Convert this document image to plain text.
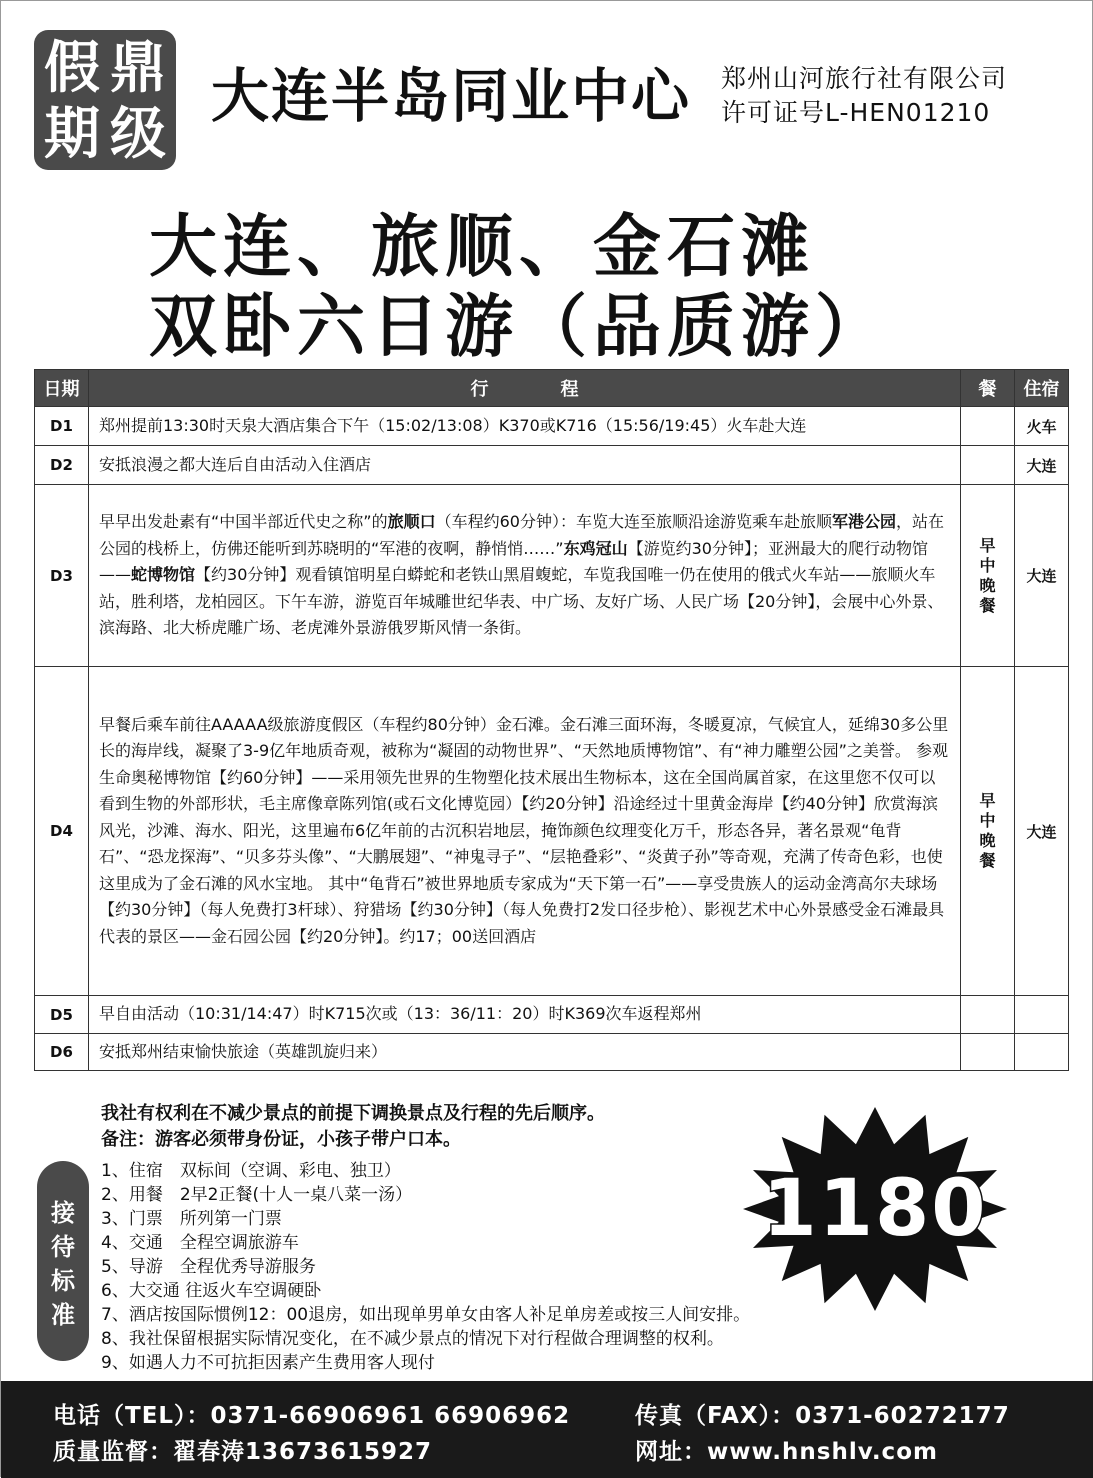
假 鼎
期 级
大连半岛同业中心 郑州山河旅行社有限公司
许可证号L-HEN01210
大连、旅顺、金石滩
双卧六日游（品质游）
日期	行　　　　程	餐	住宿
D1	郑州提前13:30时天泉大酒店集合下午（15:02/13:08）K370或K716（15:56/19:45）火车赴大连		火车
D2	安抵浪漫之都大连后自由活动入住酒店		大连
D3	早早出发赴素有“中国半部近代史之称”的旅顺口（车程约60分钟）：车览大连至旅顺沿途游览乘车赴旅顺军港公园，站在公园的栈桥上，仿佛还能听到苏晓明的“军港的夜啊，静悄悄……”东鸡冠山【游览约30分钟】；亚洲最大的爬行动物馆——蛇博物馆【约30分钟】观看镇馆明星白蟒蛇和老铁山黑眉蝮蛇，车览我国唯一仍在使用的俄式火车站——旅顺火车站，胜利塔，龙柏园区。下午车游，游览百年城雕世纪华表、中广场、友好广场、人民广场【20分钟】，会展中心外景、滨海路、北大桥虎雕广场、老虎滩外景游俄罗斯风情一条街。	早中晚餐	大连
D4	早餐后乘车前往AAAAA级旅游度假区（车程约80分钟）金石滩。金石滩三面环海，冬暖夏凉，气候宜人，延绵30多公里长的海岸线，凝聚了3-9亿年地质奇观，被称为“凝固的动物世界”、“天然地质博物馆”、有“神力雕塑公园”之美誉。 参观 生命奥秘博物馆【约60分钟】——采用领先世界的生物塑化技术展出生物标本，这在全国尚属首家，在这里您不仅可以看到生物的外部形状，毛主席像章陈列馆(或石文化博览园）【约20分钟】沿途经过十里黄金海岸【约40分钟】欣赏海滨风光，沙滩、海水、阳光，这里遍布6亿年前的古沉积岩地层，掩饰颜色纹理变化万千，形态各异，著名景观“龟背石”、“恐龙探海”、“贝多芬头像”、“大鹏展翅”、“神鬼寻子”、“层艳叠彩”、“炎黄子孙”等奇观，充满了传奇色彩，也使这里成为了金石滩的风水宝地。 其中“龟背石”被世界地质专家成为“天下第一石”——享受贵族人的运动金湾高尔夫球场【约30分钟】（每人免费打3杆球）、狩猎场【约30分钟】（每人免费打2发口径步枪）、影视艺术中心外景感受金石滩最具代表的景区——金石园公园【约20分钟】。约17；00送回酒店	早中晚餐	大连
D5	早自由活动（10:31/14:47）时K715次或（13：36/11：20）时K369次车返程郑州		
D6	安抵郑州结束愉快旅途（英雄凯旋归来）		
我社有权利在不减少景点的前提下调换景点及行程的先后顺序。
备注：游客必须带身份证，小孩子带户口本。
接
待
标
准
1、住宿　双标间（空调、彩电、独卫）
2、用餐　2早2正餐(十人一桌八菜一汤）
3、门票　所列第一门票
4、交通　全程空调旅游车
5、导游　全程优秀导游服务
6、大交通 往返火车空调硬卧
7、酒店按国际惯例12：00退房，如出现单男单女由客人补足单房差或按三人间安排。
8、我社保留根据实际情况变化，在不减少景点的情况下对行程做合理调整的权利。
9、如遇人力不可抗拒因素产生费用客人现付
1180
电话（TEL）：0371-66906961 66906962	传真（FAX）：0371-60272177
质量监督：翟春涛13673615927	网址：www.hnshlv.com
